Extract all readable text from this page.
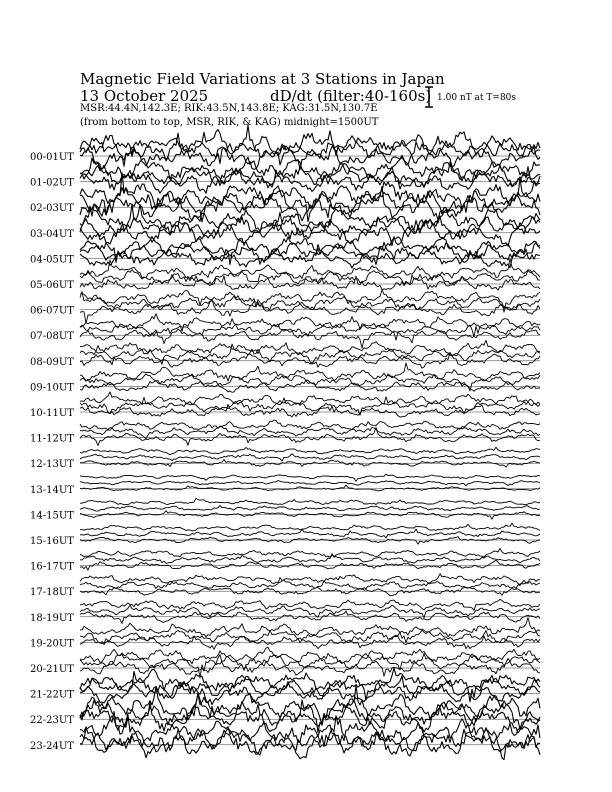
Magnetic Field Variations at 3 Stations in Japan
13 October 2025	dD/dt (filter:40-160s)
MSR:44.4N,142.3E; RIK:43.5N,143.8E; KAG:31.5N,130.7E
(from bottom to top, MSR, RIK, & KAG) midnight=1500UT
1.00 nT at T=80s
00-01UT
01-02UT
02-03UT
03-04UT
04-05UT
05-06UT
06-07UT
07-08UT
08-09UT
09-10UT
10-11UT
11-12UT
12-13UT
13-14UT
14-15UT
15-16UT
16-17UT
17-18UT
18-19UT
19-20UT
20-21UT
21-22UT
22-23UT
23-24UT
